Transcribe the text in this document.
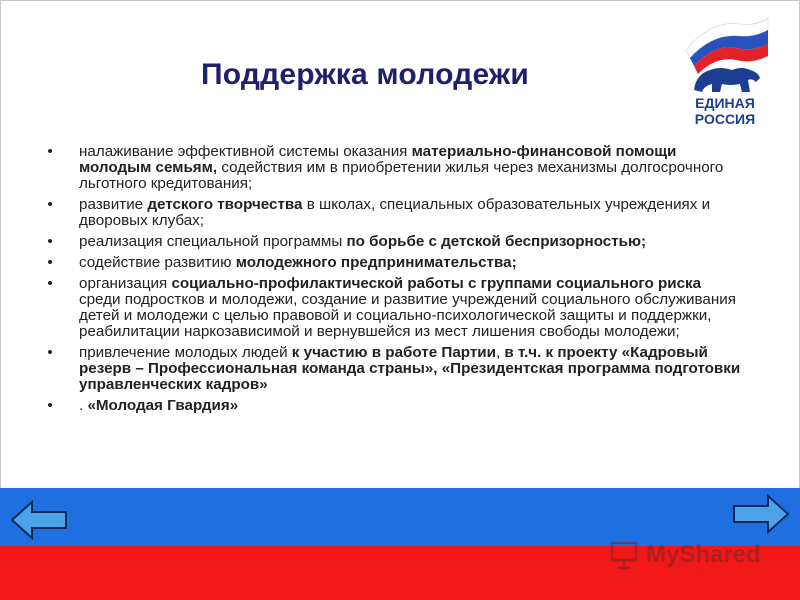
Поддержка молодежи
ЕДИНАЯ
РОССИЯ
• налаживание эффективной системы оказания материально-финансовой помощи молодым семьям, содействия им в приобретении жилья через механизмы долгосрочного льготного кредитования;
• развитие детского творчества в школах, специальных образовательных учреждениях и дворовых клубах;
• реализация специальной программы по борьбе с детской беспризорностью;
• содействие развитию молодежного предпринимательства;
• организация социально-профилактической работы с группами социального риска среди подростков и молодежи, создание и развитие учреждений социального обслуживания детей и молодежи с целью правовой и социально-психологической защиты и поддержки, реабилитации наркозависимой и вернувшейся из мест лишения свободы молодежи;
• привлечение молодых людей к участию в работе Партии, в т.ч. к проекту «Кадровый резерв – Профессиональная команда страны», «Президентская программа подготовки управленческих кадров»
• . «Молодая Гвардия»
MyShared
